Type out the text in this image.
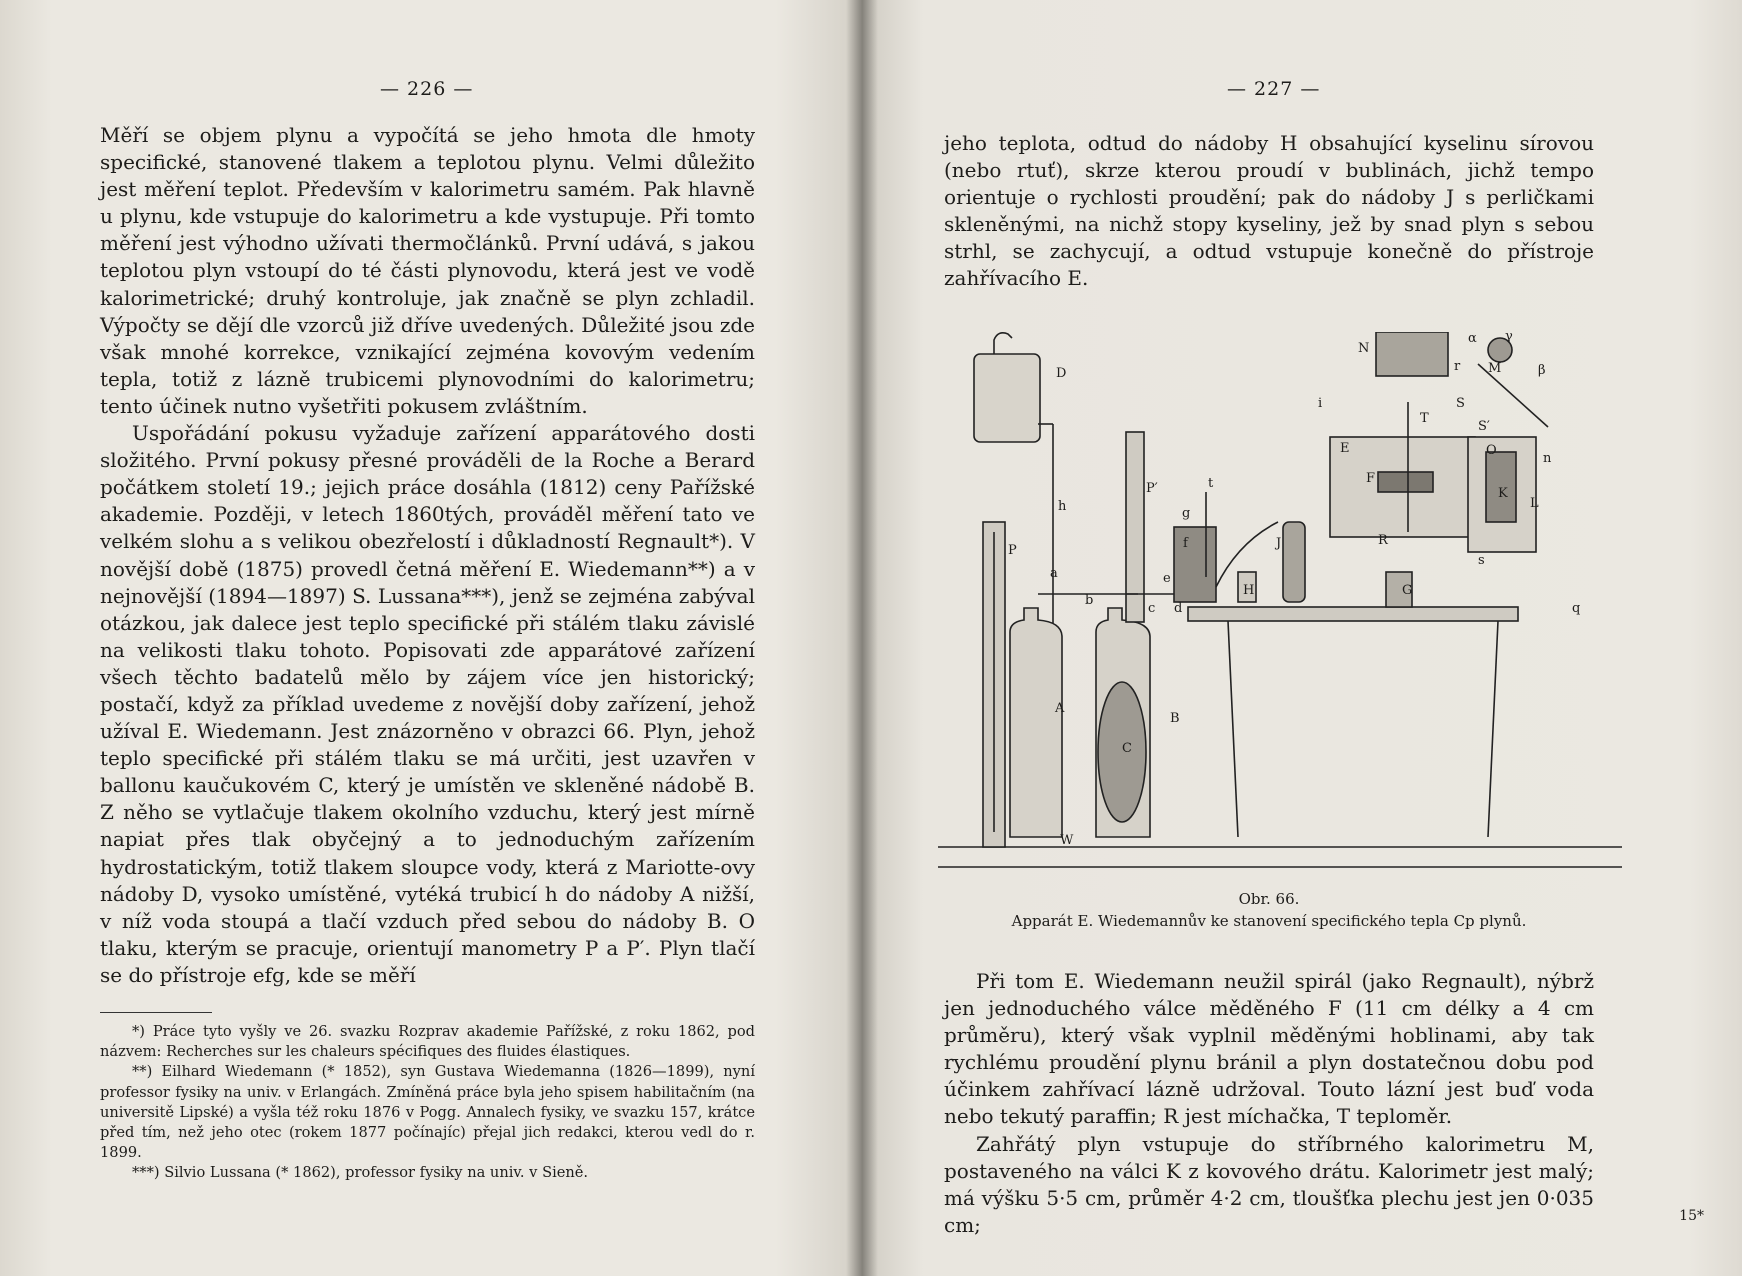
— 226 —

Měří se objem plynu a vypočítá se jeho hmota dle hmoty specifické, stanovené tlakem a teplotou plynu. Velmi důležito jest měření teplot. Především v kalorimetru samém. Pak hlavně u plynu, kde vstupuje do kalorimetru a kde vystupuje. Při tomto měření jest výhodno užívati thermočlánků. První udává, s jakou teplotou plyn vstoupí do té části plynovodu, která jest ve vodě kalorimetrické; druhý kontroluje, jak značně se plyn zchladil. Výpočty se dějí dle vzorců již dříve uvedených. Důležité jsou zde však mnohé korrekce, vznikající zejména kovovým vedením tepla, totiž z lázně trubicemi plynovodními do kalorimetru; tento účinek nutno vyšetřiti pokusem zvláštním.

Uspořádání pokusu vyžaduje zařízení apparátového dosti složitého. První pokusy přesné prováděli de la Roche a Berard počátkem století 19.; jejich práce dosáhla (1812) ceny Pařížské akademie. Později, v letech 1860tých, prováděl měření tato ve velkém slohu a s velikou obezřelostí i důkladností Regnault*). V novější době (1875) provedl četná měření E. Wiedemann**) a v nejnovější (1894—1897) S. Lussana***), jenž se zejména zabýval otázkou, jak dalece jest teplo specifické při stálém tlaku závislé na velikosti tlaku tohoto. Popisovati zde apparátové zařízení všech těchto badatelů mělo by zájem více jen historický; postačí, když za příklad uvedeme z novější doby zařízení, jehož užíval E. Wiedemann. Jest znázorněno v obrazci 66. Plyn, jehož teplo specifické při stálém tlaku se má určiti, jest uzavřen v ballonu kaučukovém C, který je umístěn ve skleněné nádobě B. Z něho se vytlačuje tlakem okolního vzduchu, který jest mírně napiat přes tlak obyčejný a to jednoduchým zařízením hydrostatickým, totiž tlakem sloupce vody, která z Mariotte-ovy nádoby D, vysoko umístěné, vytéká trubicí h do nádoby A nižší, v níž voda stoupá a tlačí vzduch před sebou do nádoby B. O tlaku, kterým se pracuje, orientují manometry P a P′. Plyn tlačí se do přístroje efg, kde se měří

*) Práce tyto vyšly ve 26. svazku Rozprav akademie Pařížské, z roku 1862, pod názvem: Recherches sur les chaleurs spécifiques des fluides élastiques.

**) Eilhard Wiedemann (* 1852), syn Gustava Wiedemanna (1826—1899), nyní professor fysiky na univ. v Erlangách. Zmíněná práce byla jeho spisem habilitačním (na universitě Lipské) a vyšla též roku 1876 v Pogg. Annalech fysiky, ve svazku 157, krátce před tím, než jeho otec (rokem 1877 počínajíc) přejal jich redakci, kterou vedl do r. 1899.

***) Silvio Lussana (* 1862), professor fysiky na univ. v Sieně.

— 227 —

jeho teplota, odtud do nádoby H obsahující kyselinu sírovou (nebo rtuť), skrze kterou proudí v bublinách, jichž tempo orientuje o rychlosti proudění; pak do nádoby J s perličkami skleněnými, na nichž stopy kyseliny, jež by snad plyn s sebou strhl, se zachycují, a odtud vstupuje konečně do přístroje zahřívacího E.

D
h
P
P′
a
b
c d
e
f
g
A
B
C
W
t
H
J
i
T
E
F
R
N
G
S
S′
O
r M
K
L
s
n
q
α γ
β
Obr. 66.
Apparát E. Wiedemannův ke stanovení specifického tepla Cp plynů.

Při tom E. Wiedemann neužil spirál (jako Regnault), nýbrž jen jednoduchého válce měděného F (11 cm délky a 4 cm průměru), který však vyplnil měděnými hoblinami, aby tak rychlému proudění plynu bránil a plyn dostatečnou dobu pod účinkem zahřívací lázně udržoval. Touto lázní jest buď voda nebo tekutý paraffin; R jest míchačka, T teploměr.

Zahřátý plyn vstupuje do stříbrného kalorimetru M, postaveného na válci K z kovového drátu. Kalorimetr jest malý; má výšku 5·5 cm, průměr 4·2 cm, tloušťka plechu jest jen 0·035 cm;	15*
